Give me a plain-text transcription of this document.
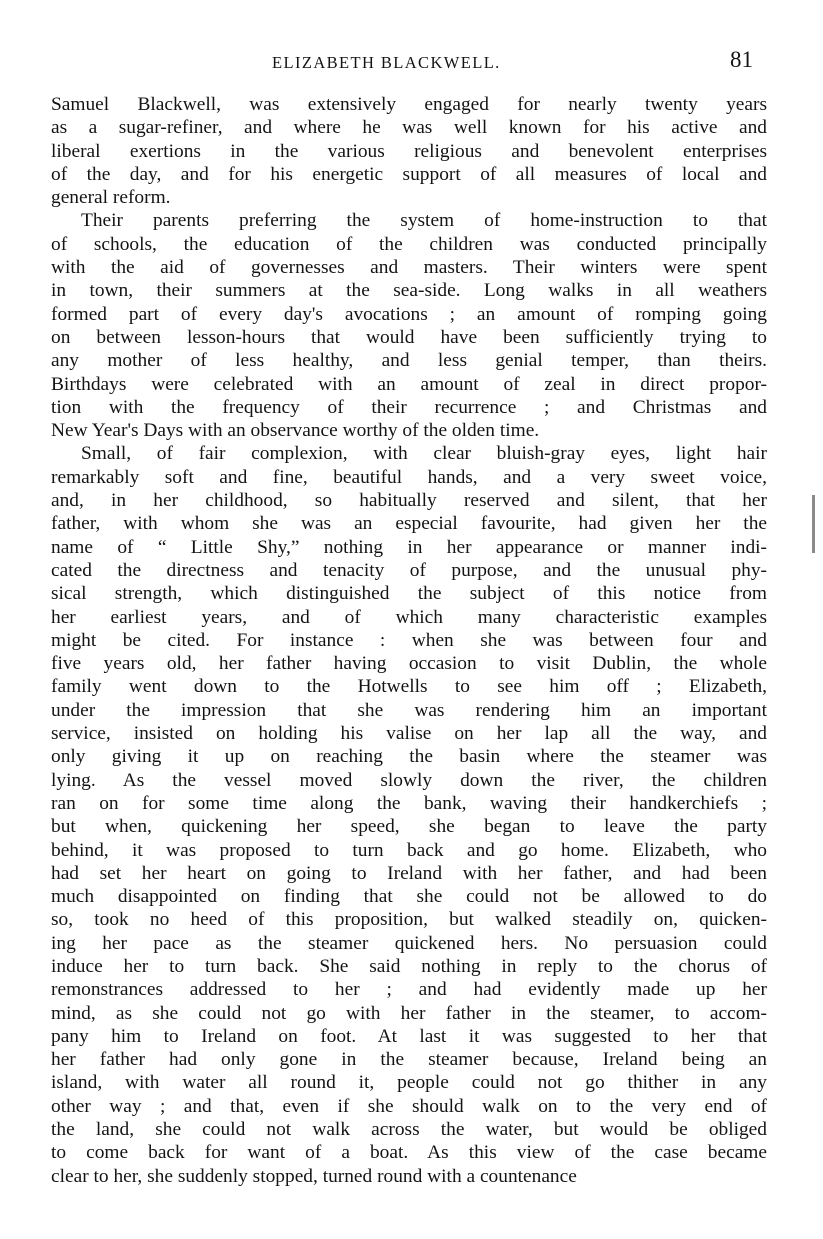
ELIZABETH BLACKWELL.	81
Samuel Blackwell, was extensively engaged for nearly twenty years
as a sugar-refiner, and where he was well known for his active and
liberal exertions in the various religious and benevolent enterprises
of the day, and for his energetic support of all measures of local and
general reform.
Their parents preferring the system of home-instruction to that
of schools, the education of the children was conducted principally
with the aid of governesses and masters. Their winters were spent
in town, their summers at the sea-side. Long walks in all weathers
formed part of every day's avocations ; an amount of romping going
on between lesson-hours that would have been sufficiently trying to
any mother of less healthy, and less genial temper, than theirs.
Birthdays were celebrated with an amount of zeal in direct propor-
tion with the frequency of their recurrence ; and Christmas and
New Year's Days with an observance worthy of the olden time.
Small, of fair complexion, with clear bluish-gray eyes, light hair
remarkably soft and fine, beautiful hands, and a very sweet voice,
and, in her childhood, so habitually reserved and silent, that her
father, with whom she was an especial favourite, had given her the
name of “ Little Shy,” nothing in her appearance or manner indi-
cated the directness and tenacity of purpose, and the unusual phy-
sical strength, which distinguished the subject of this notice from
her earliest years, and of which many characteristic examples
might be cited. For instance : when she was between four and
five years old, her father having occasion to visit Dublin, the whole
family went down to the Hotwells to see him off ; Elizabeth,
under the impression that she was rendering him an important
service, insisted on holding his valise on her lap all the way, and
only giving it up on reaching the basin where the steamer was
lying. As the vessel moved slowly down the river, the children
ran on for some time along the bank, waving their handkerchiefs ;
but when, quickening her speed, she began to leave the party
behind, it was proposed to turn back and go home. Elizabeth, who
had set her heart on going to Ireland with her father, and had been
much disappointed on finding that she could not be allowed to do
so, took no heed of this proposition, but walked steadily on, quicken-
ing her pace as the steamer quickened hers. No persuasion could
induce her to turn back. She said nothing in reply to the chorus of
remonstrances addressed to her ; and had evidently made up her
mind, as she could not go with her father in the steamer, to accom-
pany him to Ireland on foot. At last it was suggested to her that
her father had only gone in the steamer because, Ireland being an
island, with water all round it, people could not go thither in any
other way ; and that, even if she should walk on to the very end of
the land, she could not walk across the water, but would be obliged
to come back for want of a boat. As this view of the case became
clear to her, she suddenly stopped, turned round with a countenance
